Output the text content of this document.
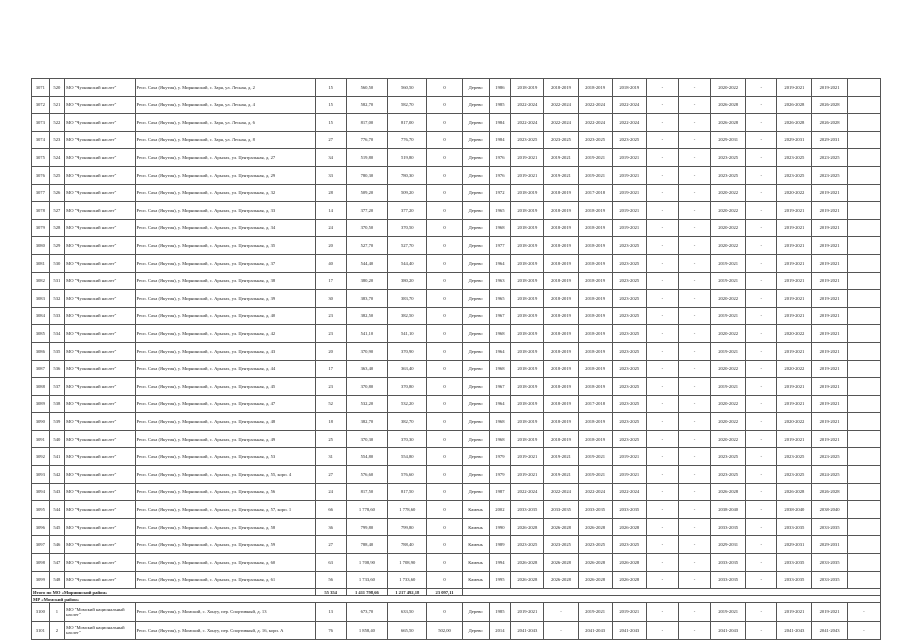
3071	520	МО "Чуонинский наслег"	Респ. Саха (Якутия), у. Мирнинский, с. Заря, ул. Лесная, д. 2	15	560,50	560,50	0	Дерево	1986	2018-2019	2018-2019	2018-2019	2018-2019	-	-	2020-2022	-	2019-2021	2019-2021	
3072	521	МО "Чуонинский наслег"	Респ. Саха (Якутия), у. Мирнинский, с. Заря, ул. Лесная, д. 4	15	582,70	582,70	0	Дерево	1985	2022-2024	2022-2024	2022-2024	2022-2024	-	-	2026-2028	-	2026-2028	2026-2028	
3073	522	МО "Чуонинский наслег"	Респ. Саха (Якутия), у. Мирнинский, с. Заря, ул. Лесная, д. 6	15	817,00	817,00	0	Дерево	1984	2022-2024	2022-2024	2022-2024	2022-2024	-	-	2026-2028	-	2026-2028	2026-2028	
3074	523	МО "Чуонинский наслег"	Респ. Саха (Якутия), у. Мирнинский, с. Заря, ул. Лесная, д. 8	27	776,70	776,70	0	Дерево	1984	2023-2025	2023-2025	2023-2025	2023-2025	-	-	2029-2031	-	2029-2031	2029-2031	
3075	524	МО "Чуонинский наслег"	Респ. Саха (Якутия), у. Мирнинский, с. Арылах, ул. Центральная, д. 27	34	519,80	519,80	0	Дерево	1976	2019-2021	2019-2021	2019-2021	2019-2021	-	-	2023-2025	-	2023-2025	2023-2025	
3076	525	МО "Чуонинский наслег"	Респ. Саха (Якутия), у. Мирнинский, с. Арылах, ул. Центральная, д. 29	33	780,30	780,30	0	Дерево	1976	2019-2021	2019-2021	2019-2021	2019-2021	-	-	2023-2025	-	2023-2025	2023-2025	
3077	526	МО "Чуонинский наслег"	Респ. Саха (Якутия), у. Мирнинский, с. Арылах, ул. Центральная, д. 32	28	509,20	509,20	0	Дерево	1972	2018-2019	2018-2019	2017-2018	2019-2021	-	-	2020-2022	-	2020-2022	2019-2021	
3078	527	МО "Чуонинский наслег"	Респ. Саха (Якутия), у. Мирнинский, с. Арылах, ул. Центральная, д. 33	14	377,20	377,20	0	Дерево	1965	2018-2019	2018-2019	2018-2019	2019-2021	-	-	2020-2022	-	2019-2021	2019-2021	
3079	528	МО "Чуонинский наслег"	Респ. Саха (Якутия), у. Мирнинский, с. Арылах, ул. Центральная, д. 34	24	370,50	370,50	0	Дерево	1968	2018-2019	2018-2019	2018-2019	2019-2021	-	-	2020-2022	-	2019-2021	2019-2021	
3080	529	МО "Чуонинский наслег"	Респ. Саха (Якутия), у. Мирнинский, с. Арылах, ул. Центральная, д. 35	20	527,70	527,70	0	Дерево	1977	2018-2019	2018-2019	2018-2019	2023-2025	-	-	2020-2022	-	2019-2021	2019-2021	
3081	530	МО "Чуонинский наслег"	Респ. Саха (Якутия), у. Мирнинский, с. Арылах, ул. Центральная, д. 37	40	544,40	544,40	0	Дерево	1964	2018-2019	2018-2019	2018-2019	2023-2025	-	-	2019-2021	-	2019-2021	2019-2021	
3082	531	МО "Чуонинский наслег"	Респ. Саха (Якутия), у. Мирнинский, с. Арылах, ул. Центральная, д. 38	17	380,20	380,20	0	Дерево	1963	2018-2019	2018-2019	2018-2019	2023-2025	-	-	2019-2021	-	2019-2021	2019-2021	
3083	532	МО "Чуонинский наслег"	Респ. Саха (Якутия), у. Мирнинский, с. Арылах, ул. Центральная, д. 39	30	383,70	383,70	0	Дерево	1965	2018-2019	2018-2019	2018-2019	2023-2025	-	-	2020-2022	-	2019-2021	2019-2021	
3084	533	МО "Чуонинский наслег"	Респ. Саха (Якутия), у. Мирнинский, с. Арылах, ул. Центральная, д. 40	23	382,50	382,50	0	Дерево	1967	2018-2019	2018-2019	2018-2019	2023-2025	-	-	2019-2021	-	2019-2021	2019-2021	
3085	534	МО "Чуонинский наслег"	Респ. Саха (Якутия), у. Мирнинский, с. Арылах, ул. Центральная, д. 42	23	541,10	541,10	0	Дерево	1968	2018-2019	2018-2019	2018-2019	2023-2025	-	-	2020-2022	-	2020-2022	2019-2021	
3086	535	МО "Чуонинский наслег"	Респ. Саха (Якутия), у. Мирнинский, с. Арылах, ул. Центральная, д. 43	20	370,90	370,90	0	Дерево	1964	2018-2019	2018-2019	2018-2019	2023-2025	-	-	2019-2021	-	2019-2021	2019-2021	
3087	536	МО "Чуонинский наслег"	Респ. Саха (Якутия), у. Мирнинский, с. Арылах, ул. Центральная, д. 44	17	363,40	363,40	0	Дерево	1968	2018-2019	2018-2019	2018-2019	2023-2025	-	-	2020-2022	-	2020-2022	2019-2021	
3088	537	МО "Чуонинский наслег"	Респ. Саха (Якутия), у. Мирнинский, с. Арылах, ул. Центральная, д. 45	23	370,80	370,80	0	Дерево	1967	2018-2019	2018-2019	2018-2019	2023-2025	-	-	2019-2021	-	2019-2021	2019-2021	
3089	538	МО "Чуонинский наслег"	Респ. Саха (Якутия), у. Мирнинский, с. Арылах, ул. Центральная, д. 47	52	532,20	532,20	0	Дерево	1964	2018-2019	2018-2019	2017-2018	2023-2025	-	-	2020-2022	-	2019-2021	2019-2021	
3090	539	МО "Чуонинский наслег"	Респ. Саха (Якутия), у. Мирнинский, с. Арылах, ул. Центральная, д. 48	18	382,70	382,70	0	Дерево	1968	2018-2019	2018-2019	2018-2019	2023-2025	-	-	2020-2022	-	2020-2022	2019-2021	
3091	540	МО "Чуонинский наслег"	Респ. Саха (Якутия), у. Мирнинский, с. Арылах, ул. Центральная, д. 49	25	370,30	370,30	0	Дерево	1968	2018-2019	2018-2019	2018-2019	2023-2025	-	-	2020-2022	-	2019-2021	2019-2021	
3092	541	МО "Чуонинский наслег"	Респ. Саха (Якутия), у. Мирнинский, с. Арылах, ул. Центральная, д. 53	31	554,80	554,80	0	Дерево	1979	2019-2021	2019-2021	2019-2021	2019-2021	-	-	2023-2025	-	2023-2025	2023-2025	
3093	542	МО "Чуонинский наслег"	Респ. Саха (Якутия), у. Мирнинский, с. Арылах, ул. Центральная, д. 55, корп. 4	27	576,60	576,60	0	Дерево	1979	2019-2021	2019-2021	2019-2021	2019-2021	-	-	2023-2025	-	2023-2025	2024-2025	
3094	543	МО "Чуонинский наслег"	Респ. Саха (Якутия), у. Мирнинский, с. Арылах, ул. Центральная, д. 56	24	817,50	817,50	0	Дерево	1987	2022-2024	2022-2024	2022-2024	2022-2024	-	-	2026-2028	-	2026-2028	2026-2028	
3095	544	МО "Чуонинский наслег"	Респ. Саха (Якутия), у. Мирнинский, с. Арылах, ул. Центральная, д. 57, корп. 1	66	1 778,60	1 778,60	0	Камень	2002	2033-2035	2033-2035	2033-2035	2033-2035	-	-	2038-2040	-	2038-2040	2038-2040	
3096	545	МО "Чуонинский наслег"	Респ. Саха (Якутия), у. Мирнинский, с. Арылах, ул. Центральная, д. 58	36	799,80	799,80	0	Камень	1990	2026-2028	2026-2028	2026-2028	2026-2028	-	-	2033-2035	-	2033-2035	2033-2035	
3097	546	МО "Чуонинский наслег"	Респ. Саха (Якутия), у. Мирнинский, с. Арылах, ул. Центральная, д. 59	27	788,40	788,40	0	Камень	1989	2023-2025	2023-2025	2023-2025	2023-2025	-	-	2029-2031	-	2029-2031	2029-2031	
3098	547	МО "Чуонинский наслег"	Респ. Саха (Якутия), у. Мирнинский, с. Арылах, ул. Центральная, д. 60	63	1 708,90	1 708,90	0	Камень	1994	2026-2028	2026-2028	2026-2028	2026-2028	-	-	2033-2035	-	2033-2035	2033-2035	
3099	548	МО "Чуонинский наслег"	Респ. Саха (Якутия), у. Мирнинский, с. Арылах, ул. Центральная, д. 61	56	1 733,60	1 733,60	0	Камень	1995	2026-2028	2026-2028	2026-2028	2026-2028	-	-	2033-2035	-	2033-2035	2033-2035	
Итого по МО «Мирнинский район»				55 354	1 411 798,66	1 217 492,18	23 097,11													
МР «Момский район»																				
3100	1	МО "Момский национальный наслег"	Респ. Саха (Якутия), у. Момский, с. Хонуу, пер. Спортивный, д. 13	13	673,70	633,50	0	Дерево	1985	2019-2021	-	2019-2021	2019-2021	-	-	2019-2021	-	2019-2021	2019-2021	-
3101	2	МО "Момский национальный наслег"	Респ. Саха (Якутия), у. Момский, с. Хонуу, пер. Спортивный, д. 16, корп. А	76	1 858,40	665,50	502,00	Дерево	2014	2041-2043	-	2041-2043	2041-2043	-	-	2041-2043	-	2041-2043	2041-2043	-
